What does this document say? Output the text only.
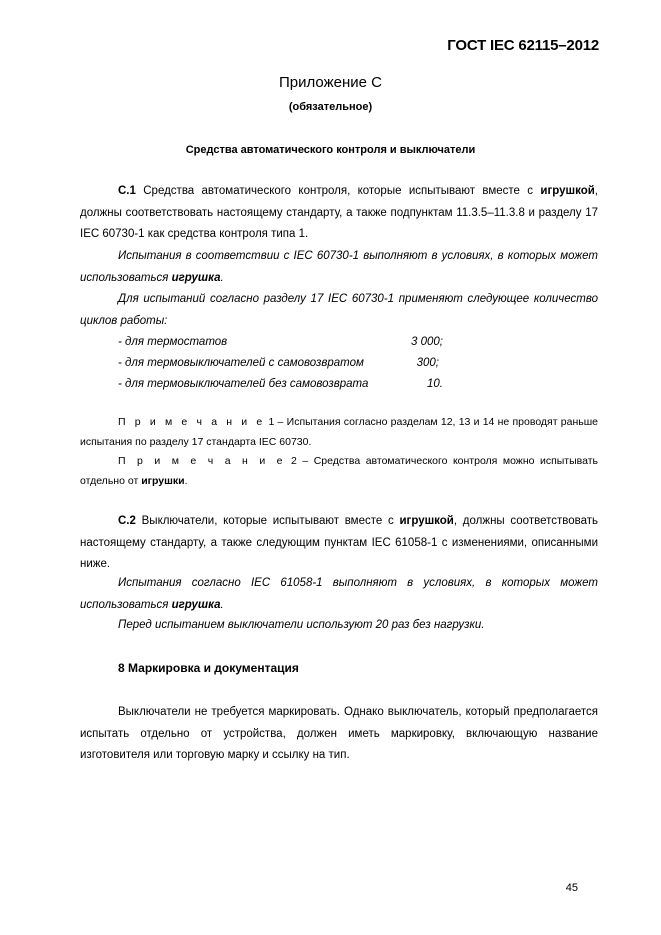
ГОСТ IEC 62115–2012
Приложение С
(обязательное)
Средства автоматического контроля и выключатели
С.1 Средства автоматического контроля, которые испытывают вместе с игрушкой, должны соответствовать настоящему стандарту, а также подпунктам 11.3.5–11.3.8 и разделу 17 IEC 60730-1 как средства контроля типа 1.
Испытания в соответствии с IEC 60730-1 выполняют в условиях, в которых может использоваться игрушка.
Для испытаний согласно разделу 17 IEC 60730-1 применяют следующее количество циклов работы:
- для термостатов	3 000;
- для термовыключателей с самовозвратом	300;
- для термовыключателей без самовозврата	10.
П р и м е ч а н и е 1 – Испытания согласно разделам 12, 13 и 14 не проводят раньше испытания по разделу 17 стандарта IEC 60730.
П р и м е ч а н и е 2 – Средства автоматического контроля можно испытывать отдельно от игрушки.
С.2 Выключатели, которые испытывают вместе с игрушкой, должны соответствовать настоящему стандарту, а также следующим пунктам IEC 61058-1 с изменениями, описанными ниже.
Испытания согласно IEC 61058-1 выполняют в условиях, в которых может использоваться игрушка.
Перед испытанием выключатели используют 20 раз без нагрузки.
8 Маркировка и документация
Выключатели не требуется маркировать. Однако выключатель, который предполагается испытать отдельно от устройства, должен иметь маркировку, включающую название изготовителя или торговую марку и ссылку на тип.
45
